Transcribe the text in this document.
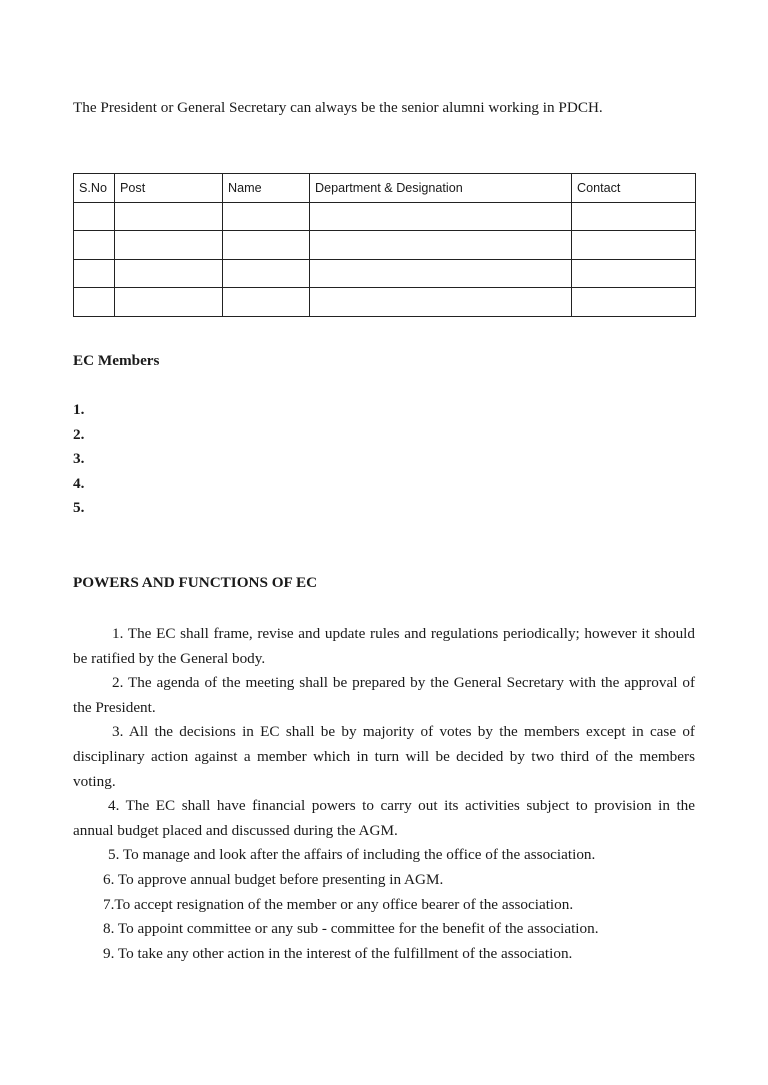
The President or General Secretary can always be the senior alumni working in PDCH.
S.No	Post	Name	Department & Designation	Contact

EC Members
1.
2.
3.
4.
5.
POWERS AND FUNCTIONS OF EC

1. The EC shall frame, revise and update rules and regulations periodically; however it should be ratified by the General body.

2. The agenda of the meeting shall be prepared by the General Secretary with the approval of the President.

3. All the decisions in EC shall be by majority of votes by the members except in case of disciplinary action against a member which in turn will be decided by two third of the members voting.

4. The EC shall have financial powers to carry out its activities subject to provision in the annual budget placed and discussed during the AGM.

5. To manage and look after the affairs of including the office of the association.

6. To approve annual budget before presenting in AGM.

7.To accept resignation of the member or any office bearer of the association.

8. To appoint committee or any sub - committee for the benefit of the association.

9. To take any other action in the interest of the fulfillment of the association.
